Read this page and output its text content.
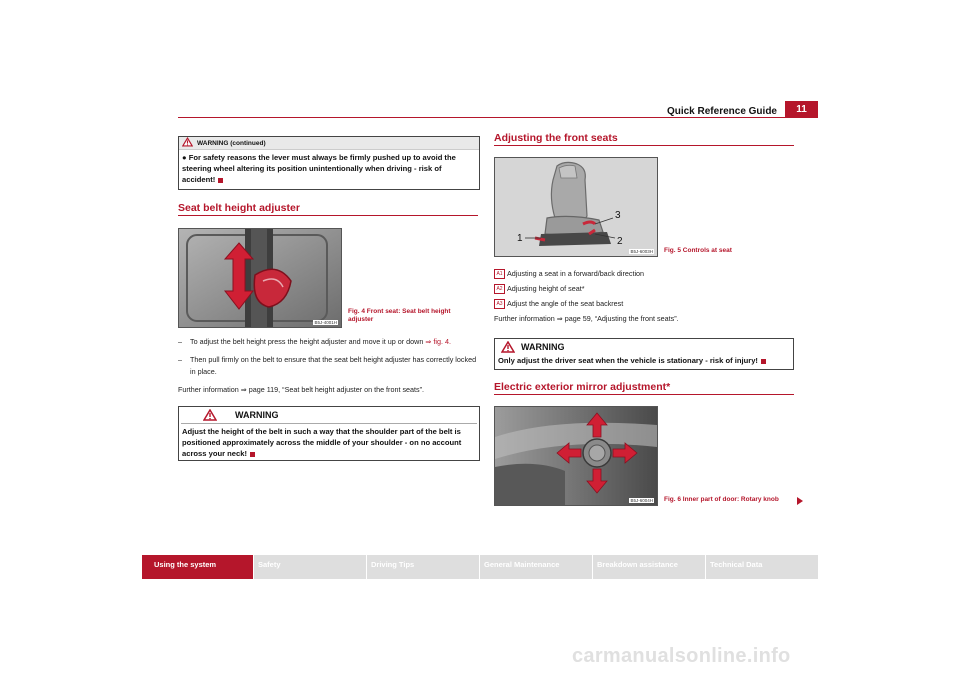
Quick Reference Guide	11
WARNING (continued)
● For safety reasons the lever must always be firmly pushed up to avoid the steering wheel altering its position unintentionally when driving - risk of accident!
Seat belt height adjuster
B5J-4001H
Fig. 4 Front seat: Seat belt height adjuster
– To adjust the belt height press the height adjuster and move it up or down ⇒ fig. 4.
– Then pull firmly on the belt to ensure that the seat belt height adjuster has correctly locked in place.
Further information ⇒ page 119, “Seat belt height adjuster on the front seats”.
WARNING
Adjust the height of the belt in such a way that the shoulder part of the belt is positioned approximately across the middle of your shoulder - on no account across your neck!
Adjusting the front seats
1	2
3
B5J-6003H Fig. 5 Controls at seat
A1 Adjusting a seat in a forward/back direction
A2 Adjusting height of seat*
A3 Adjust the angle of the seat backrest
Further information ⇒ page 59, “Adjusting the front seats”.
WARNING
Only adjust the driver seat when the vehicle is stationary - risk of injury!
Electric exterior mirror adjustment*
B5J-6004H Fig. 6 Inner part of door: Rotary knob
Using the system	Safety	Driving Tips	General Maintenance	Breakdown assistance	Technical Data
carmanualsonline.info
